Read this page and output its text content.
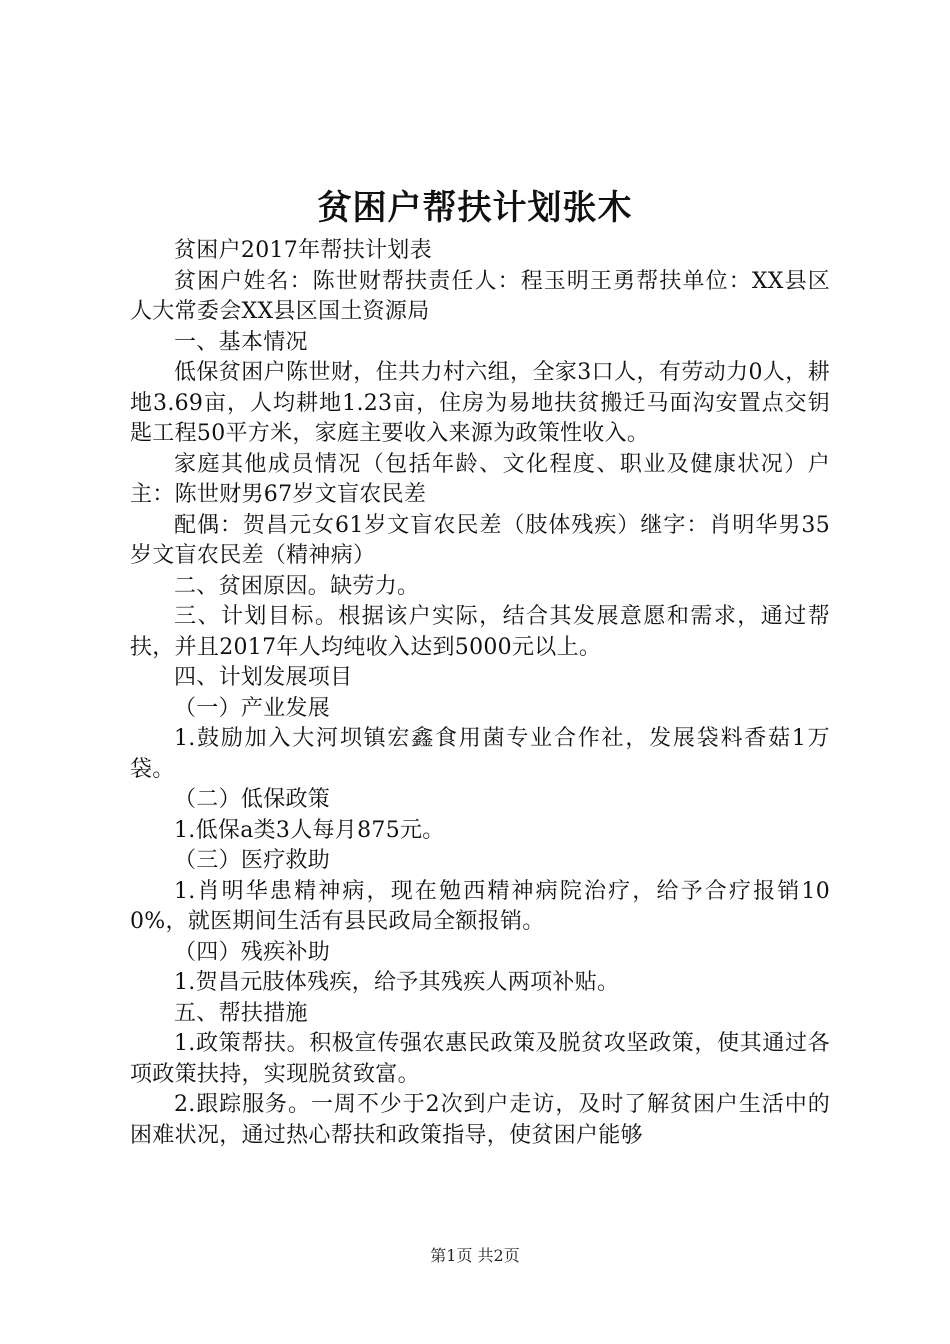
贫困户帮扶计划张木

贫困户2017年帮扶计划表

贫困户姓名：陈世财帮扶责任人：程玉明王勇帮扶单位：XX县区人大常委会XX县区国土资源局

一、基本情况

低保贫困户陈世财，住共力村六组，全家3口人，有劳动力0人，耕地3.69亩，人均耕地1.23亩，住房为易地扶贫搬迁马面沟安置点交钥匙工程50平方米，家庭主要收入来源为政策性收入。

家庭其他成员情况（包括年龄、文化程度、职业及健康状况）户主：陈世财男67岁文盲农民差

配偶：贺昌元女61岁文盲农民差（肢体残疾）继字：肖明华男35岁文盲农民差（精神病）

二、贫困原因。缺劳力。

三、计划目标。根据该户实际，结合其发展意愿和需求，通过帮扶，并且2017年人均纯收入达到5000元以上。

四、计划发展项目

（一）产业发展

1.鼓励加入大河坝镇宏鑫食用菌专业合作社，发展袋料香菇1万袋。

（二）低保政策

1.低保a类3人每月875元。

（三）医疗救助

1.肖明华患精神病，现在勉西精神病院治疗，给予合疗报销100%，就医期间生活有县民政局全额报销。

（四）残疾补助

1.贺昌元肢体残疾，给予其残疾人两项补贴。

五、帮扶措施

1.政策帮扶。积极宣传强农惠民政策及脱贫攻坚政策，使其通过各项政策扶持，实现脱贫致富。

2.跟踪服务。一周不少于2次到户走访，及时了解贫困户生活中的困难状况，通过热心帮扶和政策指导，使贫困户能够

第1页 共2页
